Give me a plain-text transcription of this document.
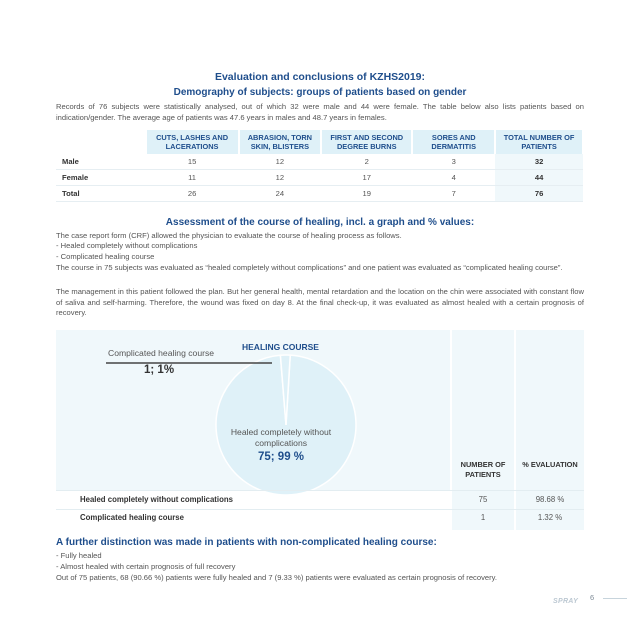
Evaluation and conclusions of KZHS2019:
Demography of subjects: groups of patients based on gender
Records of 76 subjects were statistically analysed, out of which 32 were male and 44 were female. The table below also lists patients based on indication/gender. The average age of patients was 47.6 years in males and 48.7 years in females.
	CUTS, LASHES AND LACERATIONS	ABRASION, TORN SKIN, BLISTERS	FIRST AND SECOND DEGREE BURNS	SORES AND DERMATITIS	TOTAL NUMBER OF PATIENTS
Male	15	12	2	3	32
Female	11	12	17	4	44
Total	26	24	19	7	76
Assessment of the course of healing, incl. a graph and % values:
The case report form (CRF) allowed the physician to evaluate the course of healing process as follows.
- Healed completely without complications
- Complicated healing course
The course in 75 subjects was evaluated as “healed completely without complications” and one patient was evaluated as “complicated healing course”.
The management in this patient followed the plan. But her general health, mental retardation and the location on the chin were associated with constant flow of saliva and self-harming. Therefore, the wound was fixed on day 8. At the final check-up, it was evaluated as almost healed with a certain prognosis of recovery.
HEALING COURSE
Complicated healing course
1; 1%
Healed completely without complications
75; 99 %
NUMBER OF PATIENTS
% EVALUATION
Healed completely without complications	75	98.68 %
Complicated healing course	1	1.32 %
A further distinction was made in patients with non-complicated healing course:
- Fully healed
- Almost healed with certain prognosis of full recovery
Out of 75 patients, 68 (90.66 %) patients were fully healed and 7 (9.33 %) patients were evaluated as certain prognosis of recovery.
SPRAY 6
